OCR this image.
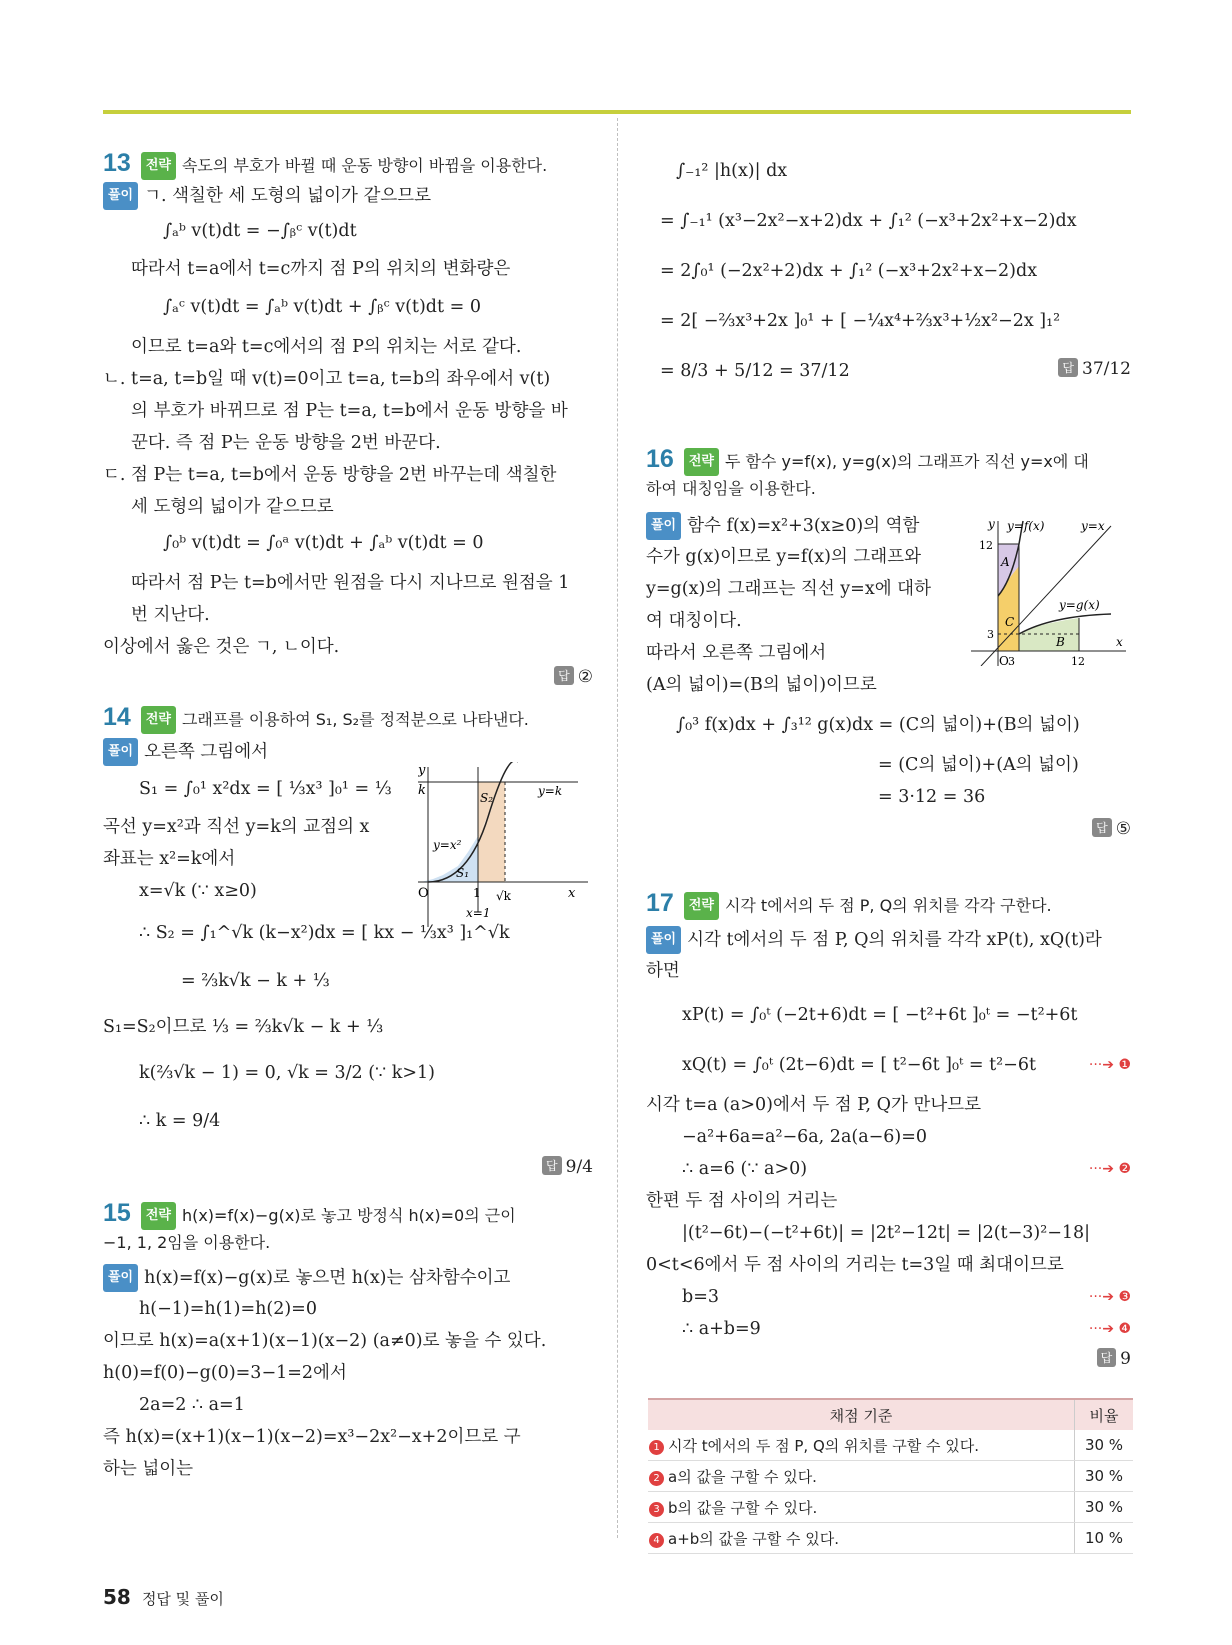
13 전략 속도의 부호가 바뀔 때 운동 방향이 바뀜을 이용한다.
풀이 ㄱ. 색칠한 세 도형의 넓이가 같으므로
∫ₐᵇ v(t)dt = −∫ᵦᶜ v(t)dt
따라서 t=a에서 t=c까지 점 P의 위치의 변화량은
∫ₐᶜ v(t)dt = ∫ₐᵇ v(t)dt + ∫ᵦᶜ v(t)dt = 0
이므로 t=a와 t=c에서의 점 P의 위치는 서로 같다.
ㄴ. t=a, t=b일 때 v(t)=0이고 t=a, t=b의 좌우에서 v(t)
의 부호가 바뀌므로 점 P는 t=a, t=b에서 운동 방향을 바
꾼다. 즉 점 P는 운동 방향을 2번 바꾼다.
ㄷ. 점 P는 t=a, t=b에서 운동 방향을 2번 바꾸는데 색칠한
세 도형의 넓이가 같으므로
∫₀ᵇ v(t)dt = ∫₀ᵃ v(t)dt + ∫ₐᵇ v(t)dt = 0
따라서 점 P는 t=b에서만 원점을 다시 지나므로 원점을 1
번 지난다.
이상에서 옳은 것은 ㄱ, ㄴ이다.
답 ②
14 전략 그래프를 이용하여 S₁, S₂를 정적분으로 나타낸다.
풀이 오른쪽 그림에서
S₁ = ∫₀¹ x²dx = [ ⅓x³ ]₀¹ = ⅓
곡선 y=x²과 직선 y=k의 교점의 x
좌표는 x²=k에서
x=√k (∵ x≥0)
∴ S₂ = ∫₁^√k (k−x²)dx = [ kx − ⅓x³ ]₁^√k
= ⅔k√k − k + ⅓
S₁=S₂이므로 ⅓ = ⅔k√k − k + ⅓
k(⅔√k − 1) = 0, √k = 3/2 (∵ k>1)
∴ k = 9/4
답 9/4
y
x
O
k
1 √k
y=x²
y=k
x=1
S₁
S₂
15 전략 h(x)=f(x)−g(x)로 놓고 방정식 h(x)=0의 근이
−1, 1, 2임을 이용한다.
풀이 h(x)=f(x)−g(x)로 놓으면 h(x)는 삼차함수이고
h(−1)=h(1)=h(2)=0
이므로 h(x)=a(x+1)(x−1)(x−2) (a≠0)로 놓을 수 있다.
h(0)=f(0)−g(0)=3−1=2에서
2a=2 ∴ a=1
즉 h(x)=(x+1)(x−1)(x−2)=x³−2x²−x+2이므로 구
하는 넓이는
∫₋₁² |h(x)| dx
= ∫₋₁¹ (x³−2x²−x+2)dx + ∫₁² (−x³+2x²+x−2)dx
= 2∫₀¹ (−2x²+2)dx + ∫₁² (−x³+2x²+x−2)dx
= 2[ −⅔x³+2x ]₀¹ + [ −¼x⁴+⅔x³+½x²−2x ]₁²
= 8/3 + 5/12 = 37/12	답 37/12
16 전략 두 함수 y=f(x), y=g(x)의 그래프가 직선 y=x에 대
하여 대칭임을 이용한다.
풀이 함수 f(x)=x²+3(x≥0)의 역함
수가 g(x)이므로 y=f(x)의 그래프와
y=g(x)의 그래프는 직선 y=x에 대하
여 대칭이다.
따라서 오른쪽 그림에서
(A의 넓이)=(B의 넓이)이므로
∫₀³ f(x)dx + ∫₃¹² g(x)dx = (C의 넓이)+(B의 넓이)
= (C의 넓이)+(A의 넓이)
= 3·12 = 36
답 ⑤
y
x
O 3	12
12
3
y=f(x)	y=x
y=g(x)
A
B
C
17 전략 시각 t에서의 두 점 P, Q의 위치를 각각 구한다.
풀이 시각 t에서의 두 점 P, Q의 위치를 각각 xP(t), xQ(t)라
하면
xP(t) = ∫₀ᵗ (−2t+6)dt = [ −t²+6t ]₀ᵗ = −t²+6t
xQ(t) = ∫₀ᵗ (2t−6)dt = [ t²−6t ]₀ᵗ = t²−6t	···➔ ❶
시각 t=a (a>0)에서 두 점 P, Q가 만나므로
−a²+6a=a²−6a, 2a(a−6)=0
∴ a=6 (∵ a>0)	···➔ ❷
한편 두 점 사이의 거리는
|(t²−6t)−(−t²+6t)| = |2t²−12t| = |2(t−3)²−18|
0<t<6에서 두 점 사이의 거리는 t=3일 때 최대이므로
b=3	···➔ ❸
∴ a+b=9	···➔ ❹
답 9
채점 기준	비율
1 시각 t에서의 두 점 P, Q의 위치를 구할 수 있다.	30 %
2 a의 값을 구할 수 있다.	30 %
3 b의 값을 구할 수 있다.	30 %
4 a+b의 값을 구할 수 있다.	10 %
58 정답 및 풀이
